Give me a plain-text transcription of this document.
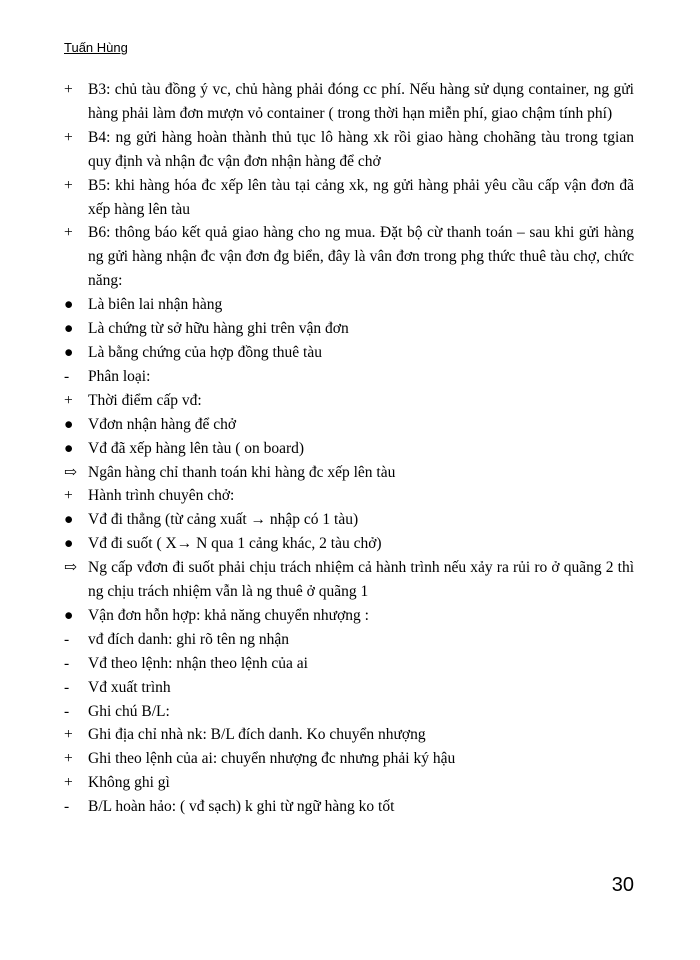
Tuấn Hùng
+ B3: chủ tàu đồng ý vc, chủ hàng phải đóng cc phí. Nếu hàng sử dụng container, ng gửi hàng phải làm đơn mượn vỏ container ( trong thời hạn miễn phí, giao chậm tính phí)
+ B4: ng gửi hàng hoàn thành thủ tục lô hàng xk rồi giao hàng chohãng tàu trong tgian quy định và nhận đc vận đơn nhận hàng để chở
+ B5: khi hàng hóa đc xếp lên tàu tại cảng xk, ng gửi hàng phải yêu cầu cấp vận đơn đã xếp hàng lên tàu
+ B6: thông báo kết quả giao hàng cho ng mua. Đặt bộ cừ thanh toán – sau khi gửi hàng ng gửi hàng nhận đc vận đơn đg biển, đây là vân đơn trong phg thức thuê tàu chợ, chức năng:
● Là biên lai nhận hàng
● Là chứng từ sở hữu hàng ghi trên vận đơn
● Là bằng chứng của hợp đồng thuê tàu
-	Phân loại:
+ Thời điểm cấp vđ:
● Vđơn nhận hàng để chở
● Vđ đã xếp hàng lên tàu ( on board)
⇨ Ngân hàng chỉ thanh toán khi hàng đc xếp lên tàu
+ Hành trình chuyên chở:
● Vđ đi thẳng (từ cảng xuất → nhập có 1 tàu)
● Vđ đi suốt ( X→ N qua 1 cảng khác, 2 tàu chở)
⇨ Ng cấp vđơn đi suốt phải chịu trách nhiệm cả hành trình nếu xảy ra rủi ro ở quãng 2 thì ng chịu trách nhiệm vẫn là ng thuê ở quãng 1
● Vận đơn hỗn hợp: khả năng chuyển nhượng :
-	vđ đích danh: ghi rõ tên ng nhận
-	Vđ theo lệnh: nhận theo lệnh của ai
-	Vđ xuất trình
-	Ghi chú B/L:
+ Ghi địa chỉ nhà nk: B/L đích danh. Ko chuyển nhượng
+ Ghi theo lệnh của ai: chuyển nhượng đc nhưng phải ký hậu
+ Không ghi gì
-	B/L hoàn hảo: ( vđ sạch) k ghi từ ngữ hàng ko tốt
30
